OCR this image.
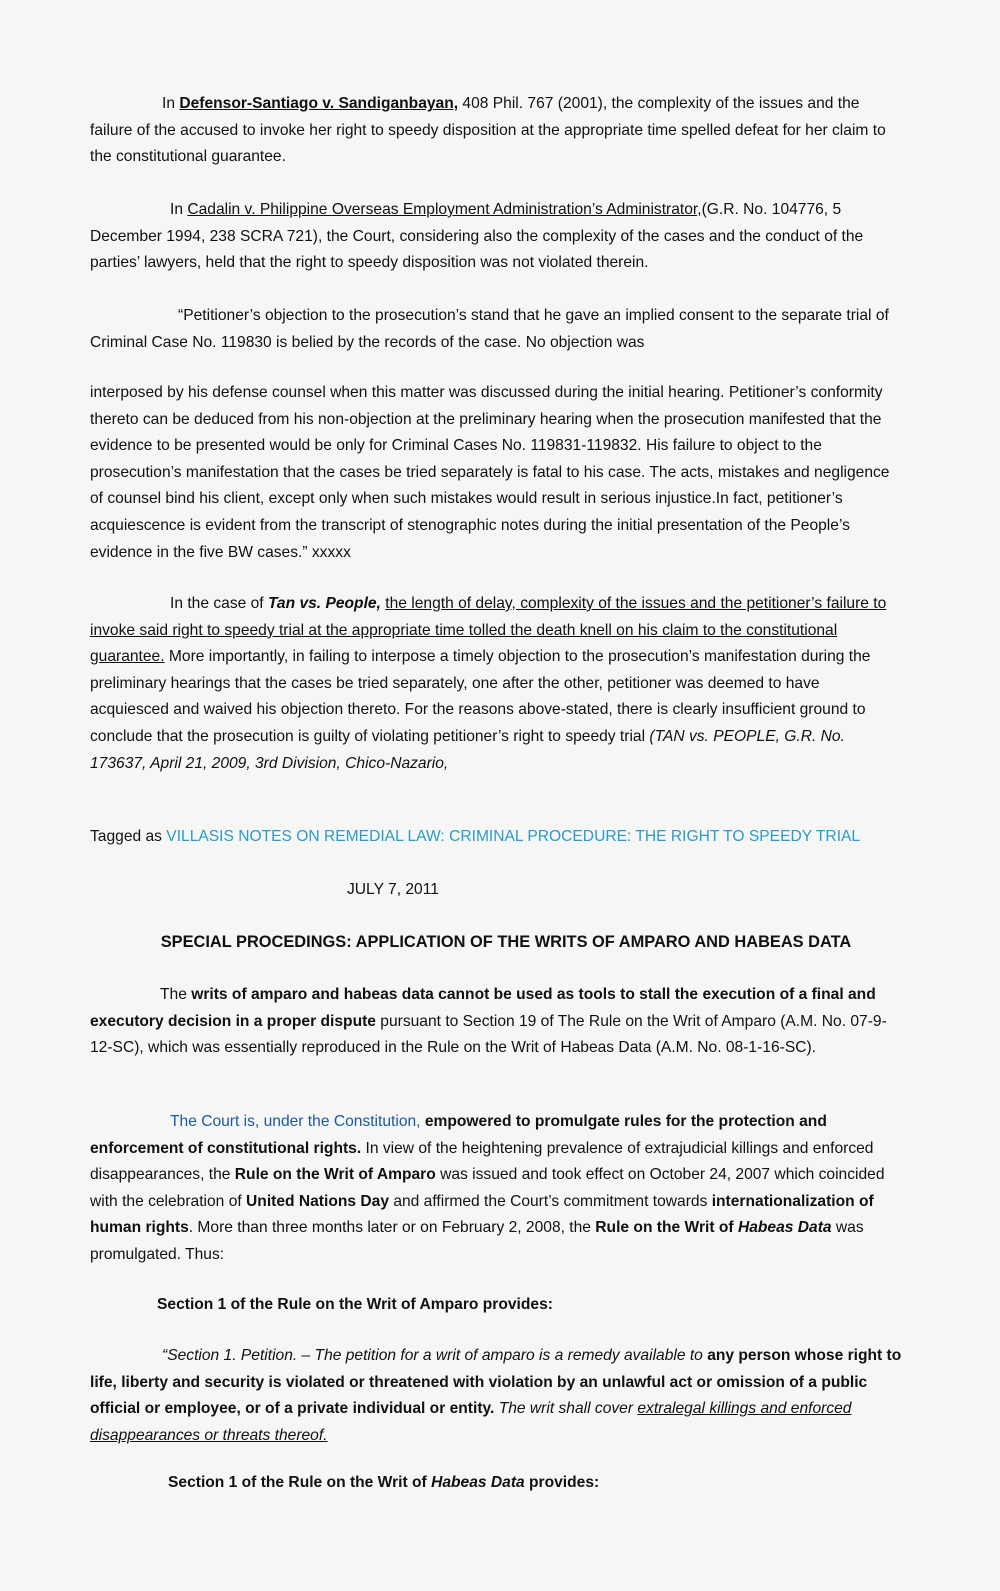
In Defensor-Santiago v. Sandiganbayan, 408 Phil. 767 (2001), the complexity of the issues and the failure of the accused to invoke her right to speedy disposition at the appropriate time spelled defeat for her claim to the constitutional guarantee.

In Cadalin v. Philippine Overseas Employment Administration’s Administrator,(G.R. No. 104776, 5 December 1994, 238 SCRA 721), the Court, considering also the complexity of the cases and the conduct of the parties’ lawyers, held that the right to speedy disposition was not violated therein.

“Petitioner’s objection to the prosecution’s stand that he gave an implied consent to the separate trial of Criminal Case No. 119830 is belied by the records of the case. No objection was

interposed by his defense counsel when this matter was discussed during the initial hearing. Petitioner’s conformity thereto can be deduced from his non-objection at the preliminary hearing when the prosecution manifested that the evidence to be presented would be only for Criminal Cases No. 119831-119832. His failure to object to the prosecution’s manifestation that the cases be tried separately is fatal to his case. The acts, mistakes and negligence of counsel bind his client, except only when such mistakes would result in serious injustice.In fact, petitioner’s acquiescence is evident from the transcript of stenographic notes during the initial presentation of the People’s evidence in the five BW cases.” xxxxx

In the case of Tan vs. People, the length of delay, complexity of the issues and the petitioner’s failure to invoke said right to speedy trial at the appropriate time tolled the death knell on his claim to the constitutional guarantee. More importantly, in failing to interpose a timely objection to the prosecution’s manifestation during the preliminary hearings that the cases be tried separately, one after the other, petitioner was deemed to have acquiesced and waived his objection thereto. For the reasons above-stated, there is clearly insufficient ground to conclude that the prosecution is guilty of violating petitioner’s right to speedy trial (TAN vs. PEOPLE, G.R. No. 173637, April 21, 2009, 3rd Division, Chico-Nazario,

Tagged as VILLASIS NOTES ON REMEDIAL LAW: CRIMINAL PROCEDURE: THE RIGHT TO SPEEDY TRIAL

JULY 7, 2011

SPECIAL PROCEDINGS: APPLICATION OF THE WRITS OF AMPARO AND HABEAS DATA

The writs of amparo and habeas data cannot be used as tools to stall the execution of a final and executory decision in a proper dispute pursuant to Section 19 of The Rule on the Writ of Amparo (A.M. No. 07-9-12-SC), which was essentially reproduced in the Rule on the Writ of Habeas Data (A.M. No. 08-1-16-SC).

The Court is, under the Constitution, empowered to promulgate rules for the protection and enforcement of constitutional rights. In view of the heightening prevalence of extrajudicial killings and enforced disappearances, the Rule on the Writ of Amparo was issued and took effect on October 24, 2007 which coincided with the celebration of United Nations Day and affirmed the Court’s commitment towards internationalization of human rights. More than three months later or on February 2, 2008, the Rule on the Writ of Habeas Data was promulgated. Thus:

Section 1 of the Rule on the Writ of Amparo provides:

“Section 1. Petition. – The petition for a writ of amparo is a remedy available to any person whose right to life, liberty and security is violated or threatened with violation by an unlawful act or omission of a public official or employee, or of a private individual or entity. The writ shall cover extralegal killings and enforced disappearances or threats thereof.

Section 1 of the Rule on the Writ of Habeas Data provides:
